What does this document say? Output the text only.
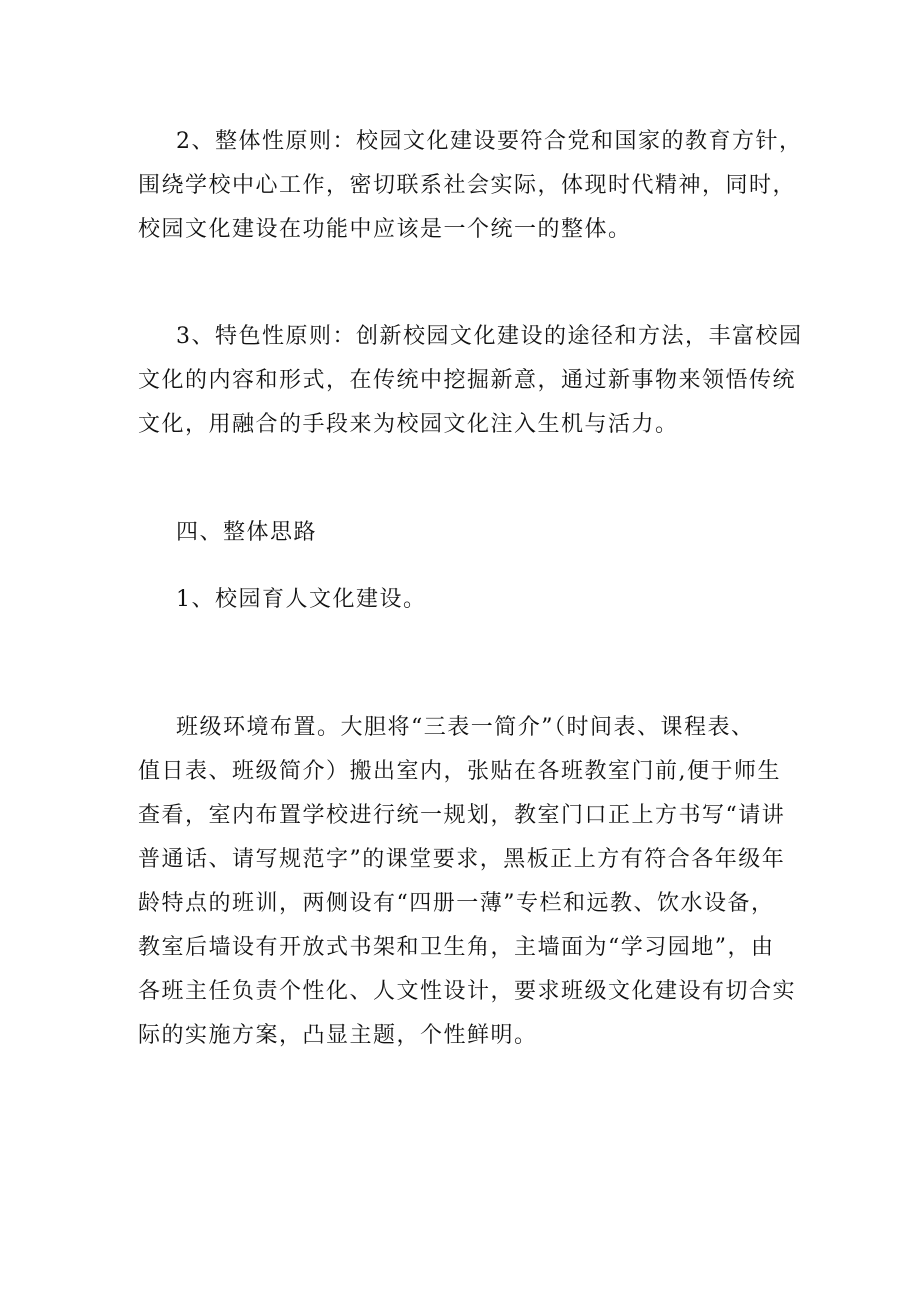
2、整体性原则：校园文化建设要符合党和国家的教育方针，
围绕学校中心工作，密切联系社会实际，体现时代精神，同时，
校园文化建设在功能中应该是一个统一的整体。

3、特色性原则：创新校园文化建设的途径和方法，丰富校园
文化的内容和形式，在传统中挖掘新意，通过新事物来领悟传统
文化，用融合的手段来为校园文化注入生机与活力。

四、整体思路

1、校园育人文化建设。

班级环境布置。大胆将“三表一简介”（时间表、课程表、
值日表、班级简介）搬出室内，张贴在各班教室门前,便于师生
查看，室内布置学校进行统一规划，教室门口正上方书写“请讲
普通话、请写规范字”的课堂要求，黑板正上方有符合各年级年
龄特点的班训，两侧设有“四册一薄”专栏和远教、饮水设备，
教室后墙设有开放式书架和卫生角，主墙面为“学习园地”，由
各班主任负责个性化、人文性设计，要求班级文化建设有切合实
际的实施方案，凸显主题，个性鲜明。
